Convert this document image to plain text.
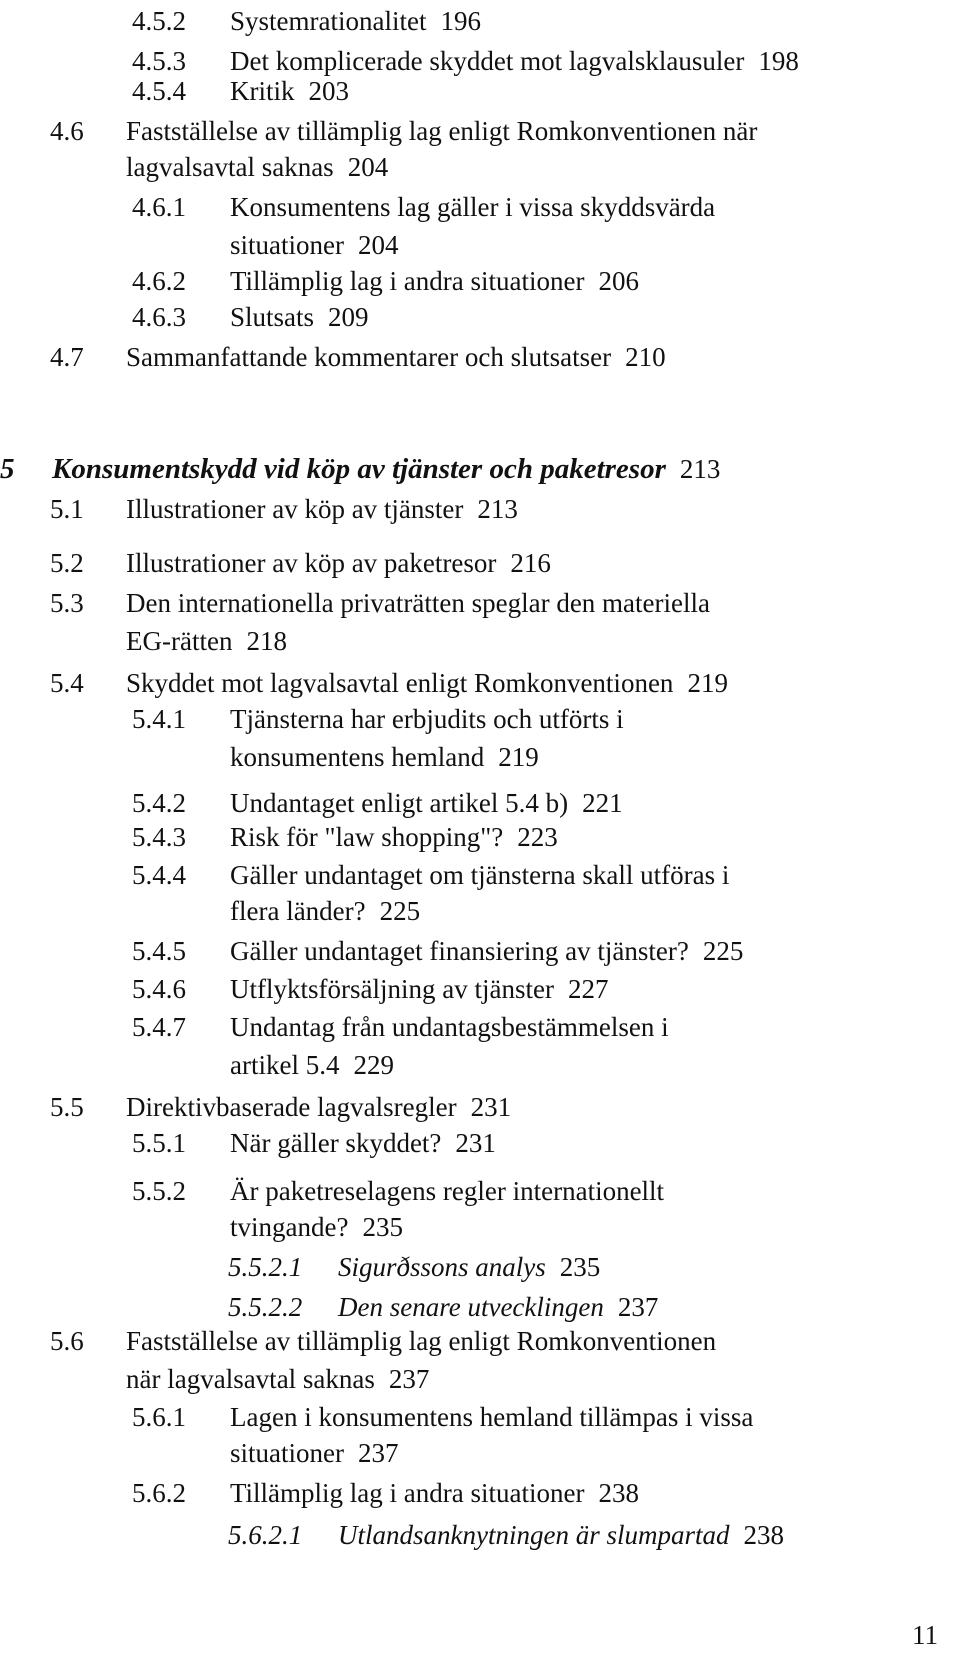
4.5.2 Systemrationalitet 196
4.5.3 Det komplicerade skyddet mot lagvalsklausuler 198
4.5.4 Kritik 203
4.6 Fastställelse av tillämplig lag enligt Romkonventionen när
lagvalsavtal saknas 204
4.6.1 Konsumentens lag gäller i vissa skyddsvärda
situationer 204
4.6.2 Tillämplig lag i andra situationer 206
4.6.3 Slutsats 209
4.7 Sammanfattande kommentarer och slutsatser 210
5 Konsumentskydd vid köp av tjänster och paketresor 213
5.1 Illustrationer av köp av tjänster 213
5.2 Illustrationer av köp av paketresor 216
5.3 Den internationella privaträtten speglar den materiella
EG-rätten 218
5.4 Skyddet mot lagvalsavtal enligt Romkonventionen 219
5.4.1 Tjänsterna har erbjudits och utförts i
konsumentens hemland 219
5.4.2 Undantaget enligt artikel 5.4 b) 221
5.4.3 Risk för "law shopping"? 223
5.4.4 Gäller undantaget om tjänsterna skall utföras i
flera länder? 225
5.4.5 Gäller undantaget finansiering av tjänster? 225
5.4.6 Utflyktsförsäljning av tjänster 227
5.4.7 Undantag från undantagsbestämmelsen i
artikel 5.4 229
5.5 Direktivbaserade lagvalsregler 231
5.5.1 När gäller skyddet? 231
5.5.2 Är paketreselagens regler internationellt
tvingande? 235
5.5.2.1 Sigurðssons analys 235
5.5.2.2 Den senare utvecklingen 237
5.6 Fastställelse av tillämplig lag enligt Romkonventionen
när lagvalsavtal saknas 237
5.6.1 Lagen i konsumentens hemland tillämpas i vissa
situationer 237
5.6.2 Tillämplig lag i andra situationer 238
5.6.2.1 Utlandsanknytningen är slumpartad 238
11
